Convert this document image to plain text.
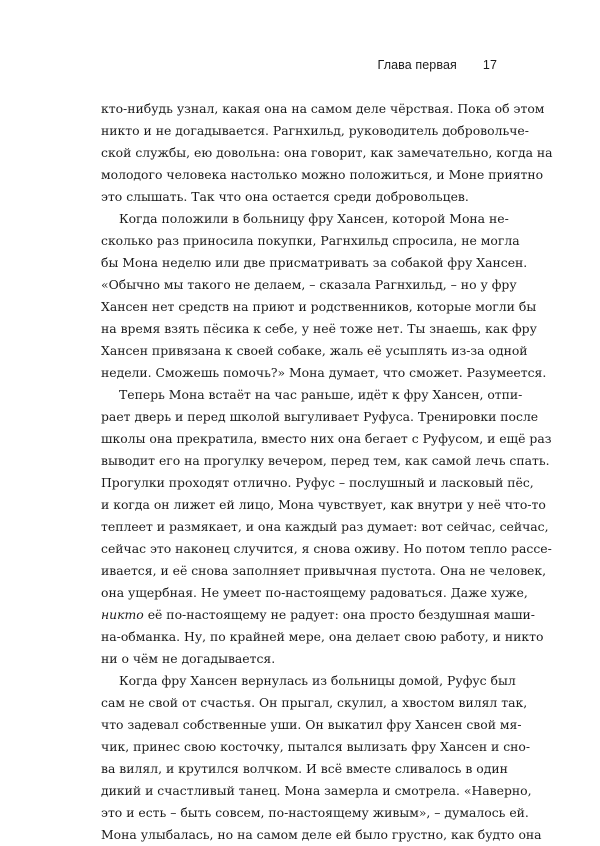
Глава первая 17

кто-нибудь узнал, какая она на самом деле чёрствая. Пока об этом
никто и не догадывается. Рагнхильд, руководитель добровольче-
ской службы, ею довольна: она говорит, как замечательно, когда на
молодого человека настолько можно положиться, и Моне приятно
это слышать. Так что она остается среди добровольцев.

Когда положили в больницу фру Хансен, которой Мона не-
сколько раз приносила покупки, Рагнхильд спросила, не могла
бы Мона неделю или две присматривать за собакой фру Хансен.
«Обычно мы такого не делаем, – сказала Рагнхильд, – но у фру
Хансен нет средств на приют и родственников, которые могли бы
на время взять пёсика к себе, у неё тоже нет. Ты знаешь, как фру
Хансен привязана к своей собаке, жаль её усыплять из-за одной
недели. Сможешь помочь?» Мона думает, что сможет. Разумеется.

Теперь Мона встаёт на час раньше, идёт к фру Хансен, отпи-
рает дверь и перед школой выгуливает Руфуса. Тренировки после
школы она прекратила, вместо них она бегает с Руфусом, и ещё раз
выводит его на прогулку вечером, перед тем, как самой лечь спать.
Прогулки проходят отлично. Руфус – послушный и ласковый пёс,
и когда он лижет ей лицо, Мона чувствует, как внутри у неё что-то
теплеет и размякает, и она каждый раз думает: вот сейчас, сейчас,
сейчас это наконец случится, я снова оживу. Но потом тепло рассе-
ивается, и её снова заполняет привычная пустота. Она не человек,
она ущербная. Не умеет по-настоящему радоваться. Даже хуже,
никто её по-настоящему не радует: она просто бездушная маши-
на-обманка. Ну, по крайней мере, она делает свою работу, и никто
ни о чём не догадывается.

Когда фру Хансен вернулась из больницы домой, Руфус был
сам не свой от счастья. Он прыгал, скулил, а хвостом вилял так,
что задевал собственные уши. Он выкатил фру Хансен свой мя-
чик, принес свою косточку, пытался вылизать фру Хансен и сно-
ва вилял, и крутился волчком. И всё вместе сливалось в один
дикий и счастливый танец. Мона замерла и смотрела. «Наверно,
это и есть – быть совсем, по-настоящему живым», – думалось ей.
Мона улыбалась, но на самом деле ей было грустно, как будто она
